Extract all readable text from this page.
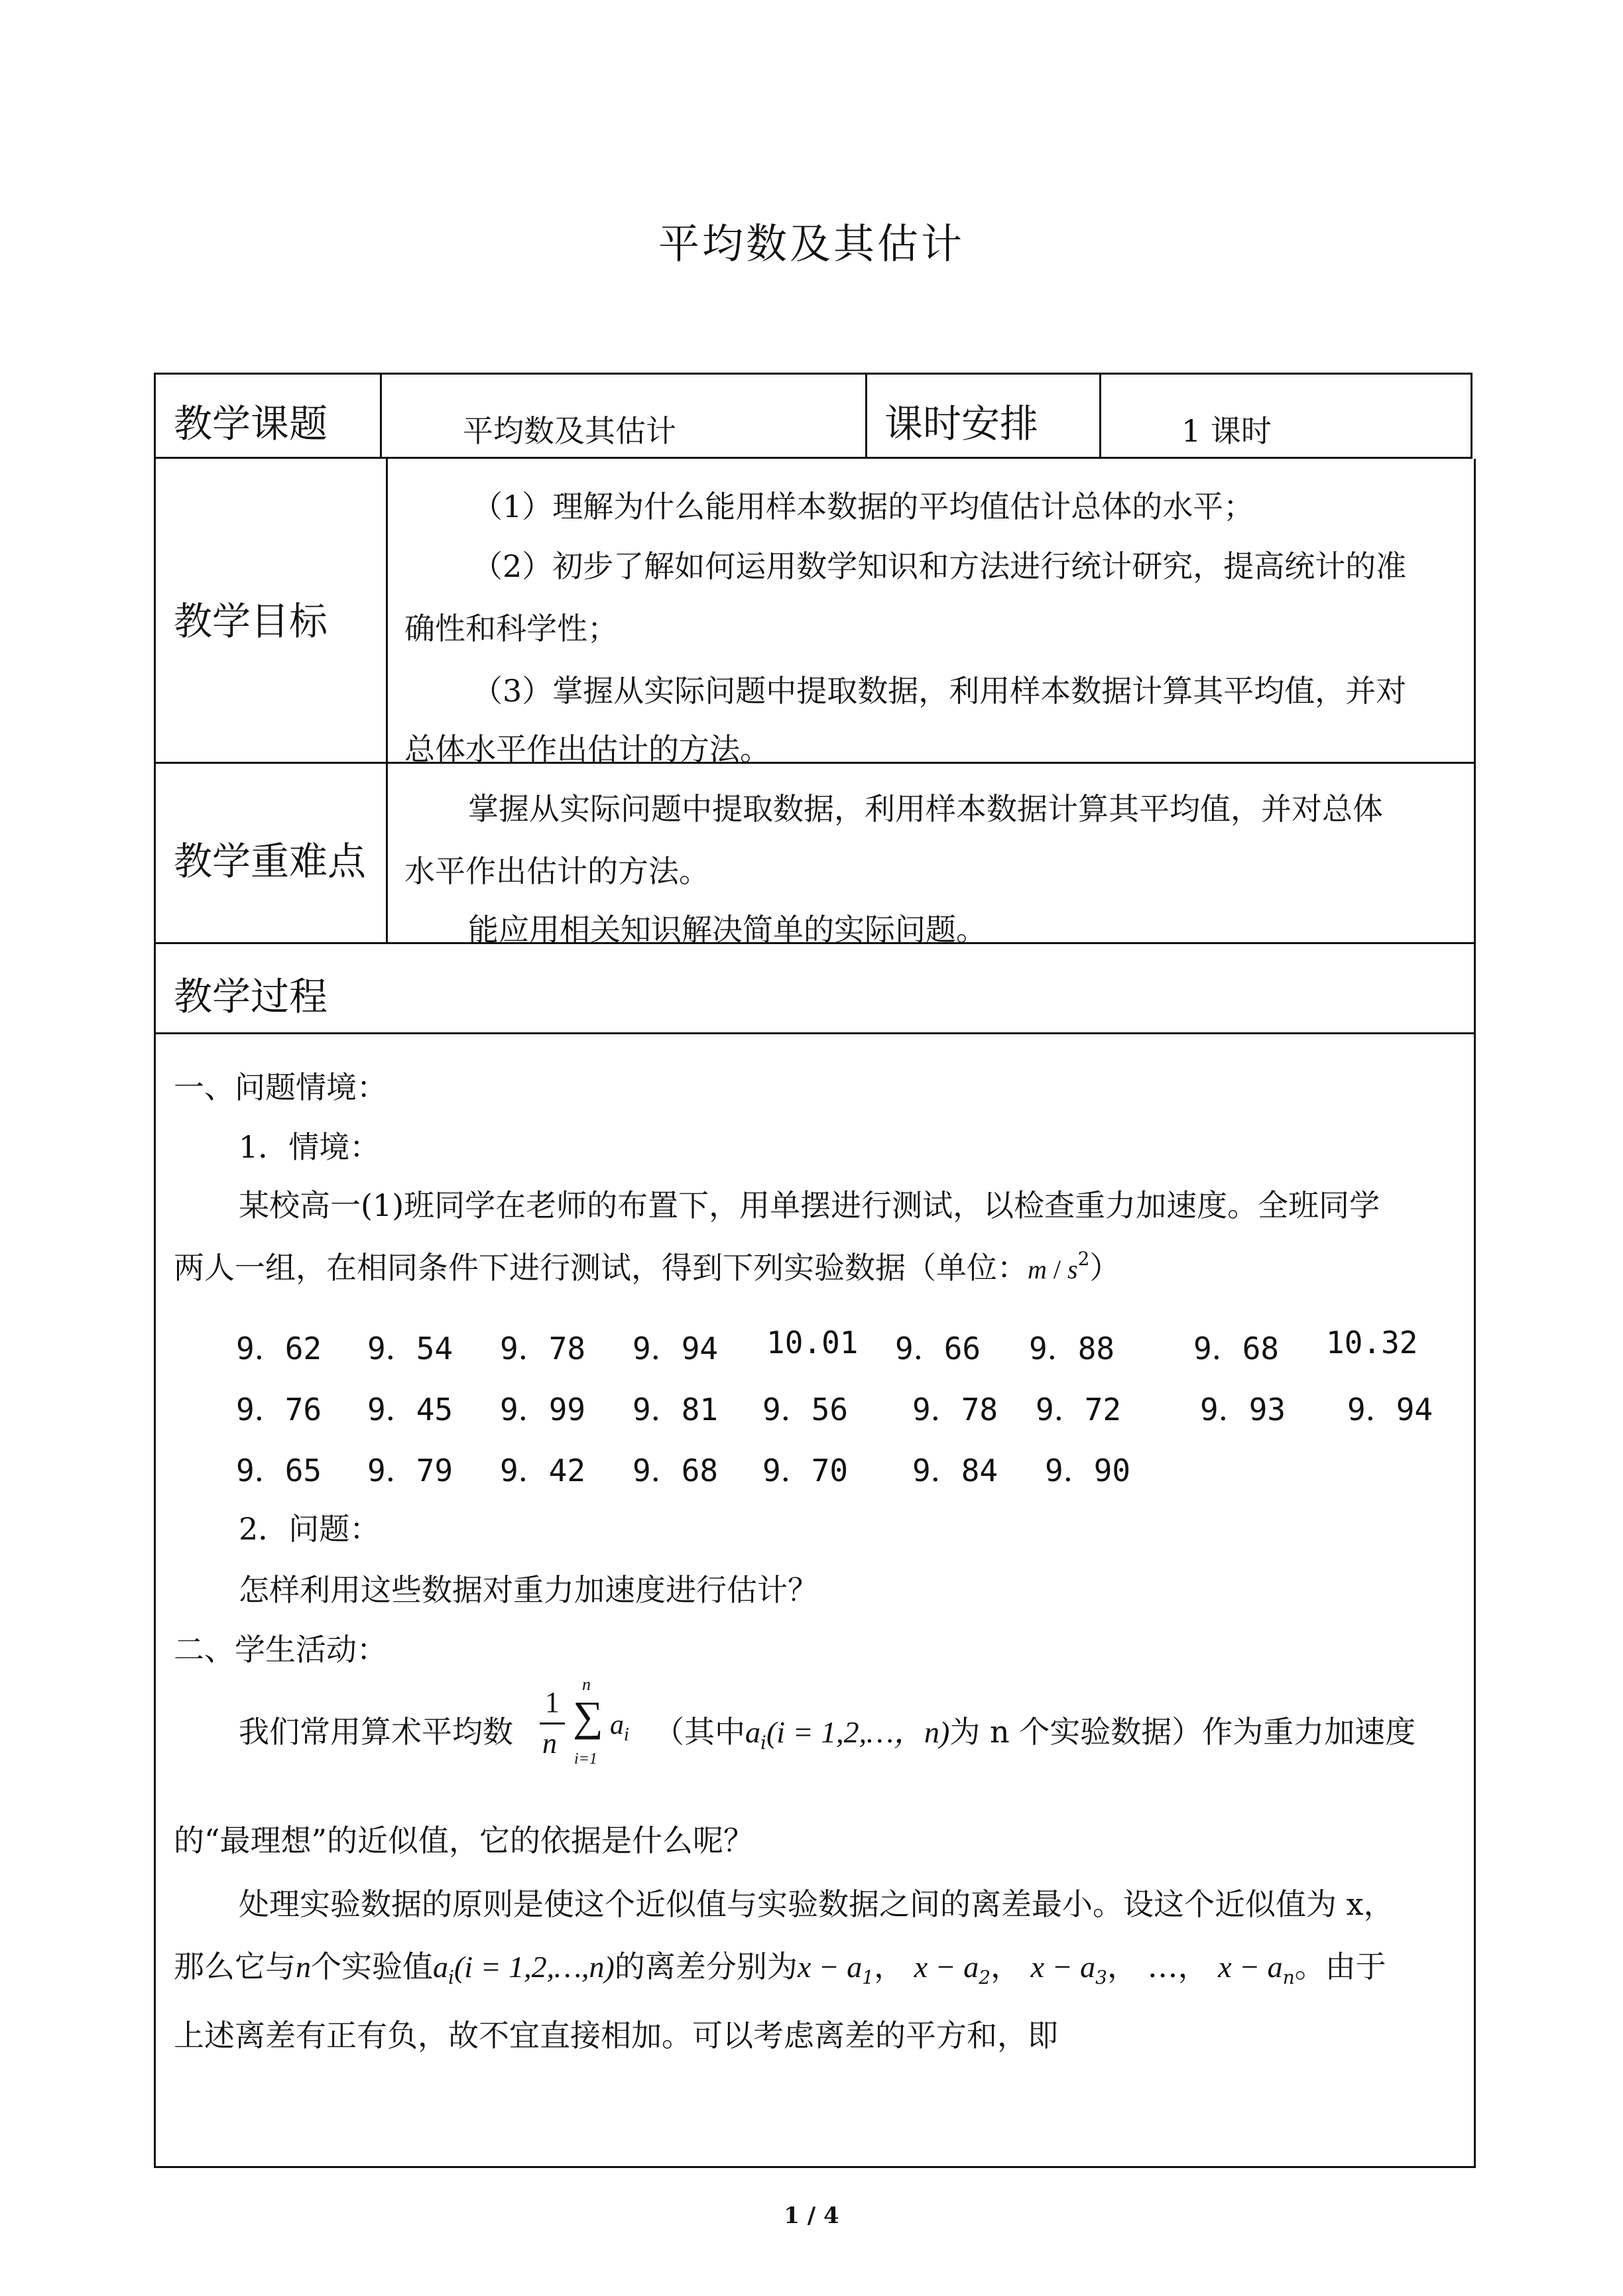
平均数及其估计
教学课题	平均数及其估计	课时安排	1 课时
教学目标
（1）理解为什么能用样本数据的平均值估计总体的水平；
（2）初步了解如何运用数学知识和方法进行统计研究，提高统计的准
确性和科学性；
（3）掌握从实际问题中提取数据，利用样本数据计算其平均值，并对
总体水平作出估计的方法。
教学重难点
掌握从实际问题中提取数据，利用样本数据计算其平均值，并对总体
水平作出估计的方法。
能应用相关知识解决简单的实际问题。
教学过程
一、问题情境：
1．情境：
某校高一(1)班同学在老师的布置下，用单摆进行测试，以检查重力加速度。全班同学
两人一组，在相同条件下进行测试，得到下列实验数据（单位：m / $s^2$）
9．62 9．54 9．78 9．94 10.01 9．66 9．88	9．68 10.32
9．76 9．45 9．99 9．81 9．56 9．78 9．72	9．93 9．94
9．65 9．79 9．42 9．68 9．70 9．84 9．90
2．问题：
怎样利用这些数据对重力加速度进行估计？
二、学生活动：
我们常用算术平均数
1
n
n
∑
i=1
$a_i$ （其中$a_i(i$ = 1,2,…，n)为 n 个实验数据）作为重力加速度
的“最理想”的近似值，它的依据是什么呢？
处理实验数据的原则是使这个近似值与实验数据之间的离差最小。设这个近似值为 x，
那么它与n个实验值$a_i(i$ = 1,2,…,n)的离差分别为$x - a_1$， $x - a_2$， $x - a_3$， …， $x - a_n$。由于
上述离差有正有负，故不宜直接相加。可以考虑离差的平方和，即
1 / 4
